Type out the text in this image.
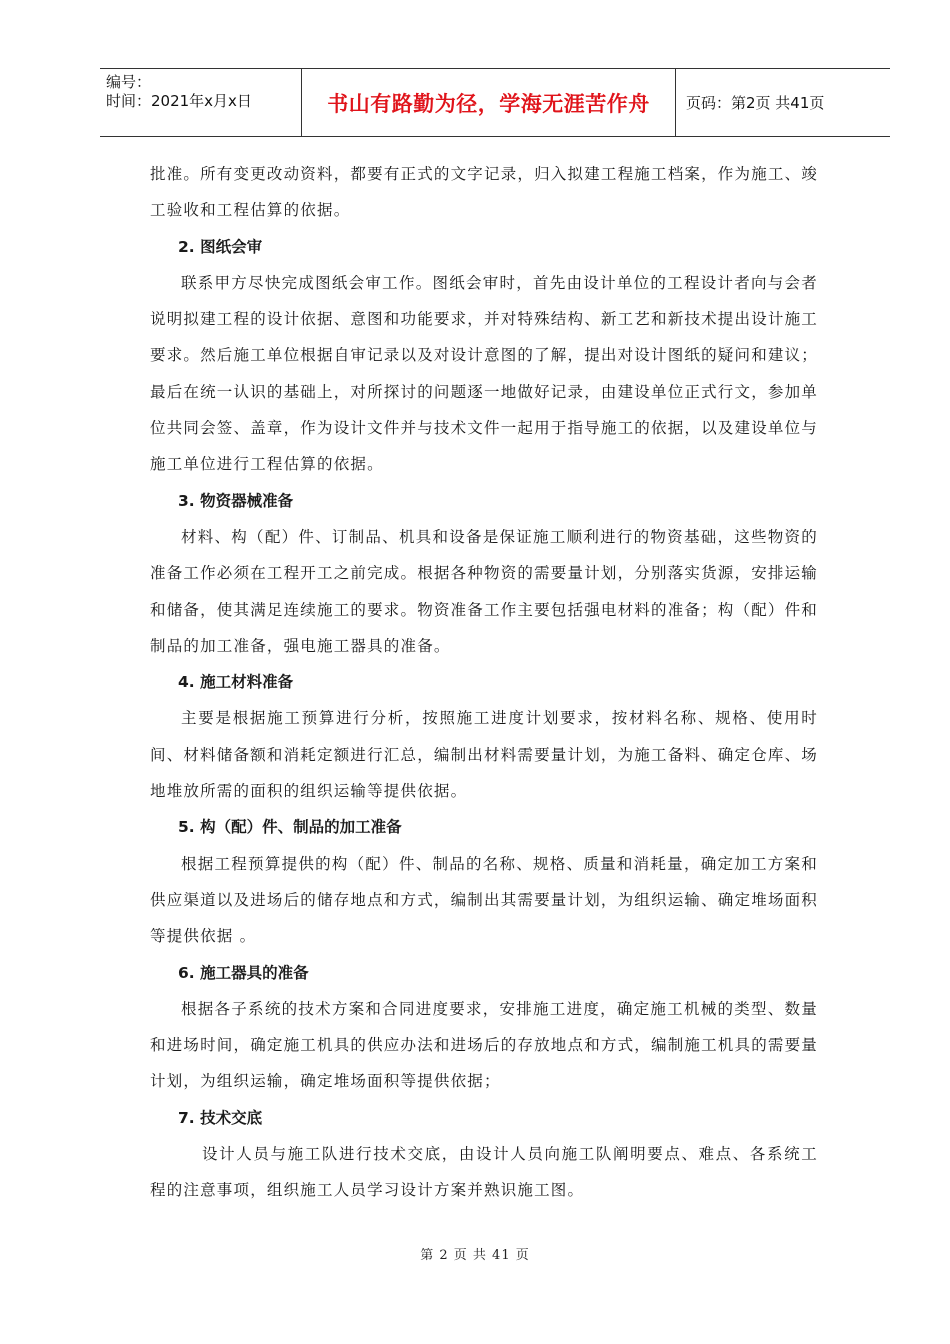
编号：
时间：2021年x月x日	书山有路勤为径，学海无涯苦作舟	页码：第2页 共41页

批准。所有变更改动资料，都要有正式的文字记录，归入拟建工程施工档案，作为施工、竣工验收和工程估算的依据。

2. 图纸会审

联系甲方尽快完成图纸会审工作。图纸会审时，首先由设计单位的工程设计者向与会者说明拟建工程的设计依据、意图和功能要求，并对特殊结构、新工艺和新技术提出设计施工要求。然后施工单位根据自审记录以及对设计意图的了解，提出对设计图纸的疑问和建议；最后在统一认识的基础上，对所探讨的问题逐一地做好记录，由建设单位正式行文，参加单位共同会签、盖章，作为设计文件并与技术文件一起用于指导施工的依据，以及建设单位与施工单位进行工程估算的依据。

3. 物资器械准备

材料、构（配）件、订制品、机具和设备是保证施工顺利进行的物资基础，这些物资的准备工作必须在工程开工之前完成。根据各种物资的需要量计划，分别落实货源，安排运输和储备，使其满足连续施工的要求。物资准备工作主要包括强电材料的准备；构（配）件和制品的加工准备，强电施工器具的准备。

4. 施工材料准备

主要是根据施工预算进行分析，按照施工进度计划要求，按材料名称、规格、使用时间、材料储备额和消耗定额进行汇总，编制出材料需要量计划，为施工备料、确定仓库、场地堆放所需的面积的组织运输等提供依据。

5. 构（配）件、制品的加工准备

根据工程预算提供的构（配）件、制品的名称、规格、质量和消耗量，确定加工方案和供应渠道以及进场后的储存地点和方式，编制出其需要量计划，为组织运输、确定堆场面积等提供依据 。

6. 施工器具的准备

根据各子系统的技术方案和合同进度要求，安排施工进度，确定施工机械的类型、数量和进场时间，确定施工机具的供应办法和进场后的存放地点和方式，编制施工机具的需要量计划，为组织运输，确定堆场面积等提供依据；

7. 技术交底

设计人员与施工队进行技术交底，由设计人员向施工队阐明要点、难点、各系统工程的注意事项，组织施工人员学习设计方案并熟识施工图。

第 2 页 共 41 页
